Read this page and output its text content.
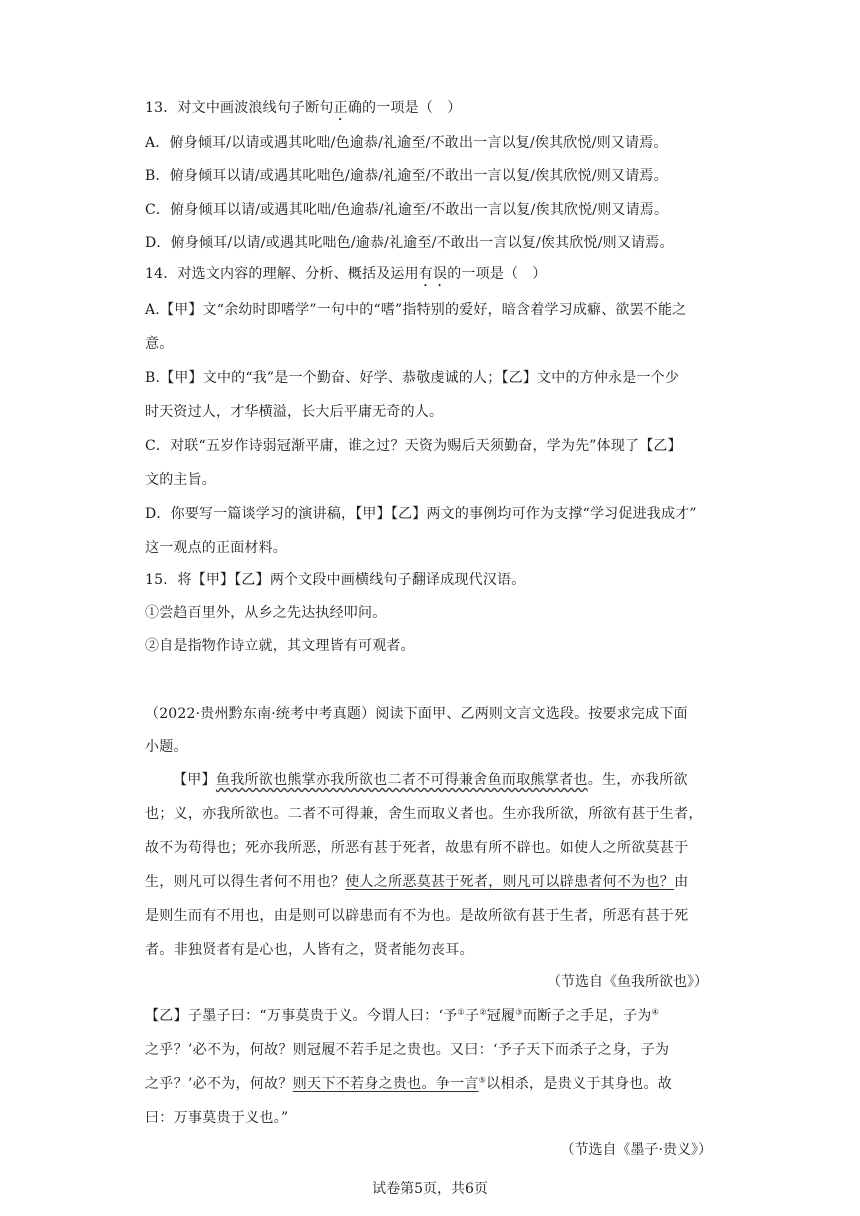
13．对文中画波浪线句子断句正确的一项是（　）
A．俯身倾耳/以请或遇其叱咄/色逾恭/礼逾至/不敢出一言以复/俟其欣悦/则又请焉。
B．俯身倾耳以请/或遇其叱咄色/逾恭/礼逾至/不敢出一言以复/俟其欣悦/则又请焉。
C．俯身倾耳以请/或遇其叱咄/色逾恭/礼逾至/不敢出一言以复/俟其欣悦/则又请焉。
D．俯身倾耳/以请/或遇其叱咄色/逾恭/礼逾至/不敢出一言以复/俟其欣悦/则又请焉。
14．对选文内容的理解、分析、概括及运用有误的一项是（　）
A.【甲】文“余幼时即嗜学”一句中的“嗜”指特别的爱好，暗含着学习成癖、欲罢不能之
意。
B.【甲】文中的“我”是一个勤奋、好学、恭敬虔诚的人；【乙】文中的方仲永是一个少
时天资过人，才华横溢，长大后平庸无奇的人。
C．对联“五岁作诗弱冠渐平庸，谁之过？天资为赐后天须勤奋，学为先”体现了【乙】
文的主旨。
D．你要写一篇谈学习的演讲稿，【甲】【乙】两文的事例均可作为支撑“学习促进我成才”
这一观点的正面材料。
15．将【甲】【乙】两个文段中画横线句子翻译成现代汉语。
①尝趋百里外，从乡之先达执经叩问。
②自是指物作诗立就，其文理皆有可观者。
（2022·贵州黔东南·统考中考真题）阅读下面甲、乙两则文言文选段。按要求完成下面
小题。
【甲】鱼我所欲也熊掌亦我所欲也二者不可得兼舍鱼而取熊掌者也。生，亦我所欲
也；义，亦我所欲也。二者不可得兼，舍生而取义者也。生亦我所欲，所欲有甚于生者，
故不为苟得也；死亦我所恶，所恶有甚于死者，故患有所不辟也。如使人之所欲莫甚于
生，则凡可以得生者何不用也？使人之所恶莫甚于死者，则凡可以辟患者何不为也？由
是则生而有不用也，由是则可以辟患而有不为也。是故所欲有甚于生者，所恶有甚于死
者。非独贤者有是心也，人皆有之，贤者能勿丧耳。
（节选自《鱼我所欲也》）
【乙】子墨子曰：“万事莫贵于义。今谓人曰：‘予①子②冠履③而断子之手足，子为④
之乎？’必不为，何故？则冠履不若手足之贵也。又曰：‘予子天下而杀子之身，子为
之乎？’必不为，何故？则天下不若身之贵也。争一言⑤以相杀，是贵义于其身也。故
曰：万事莫贵于义也。”
（节选自《墨子·贵义》）
试卷第5页，共6页
